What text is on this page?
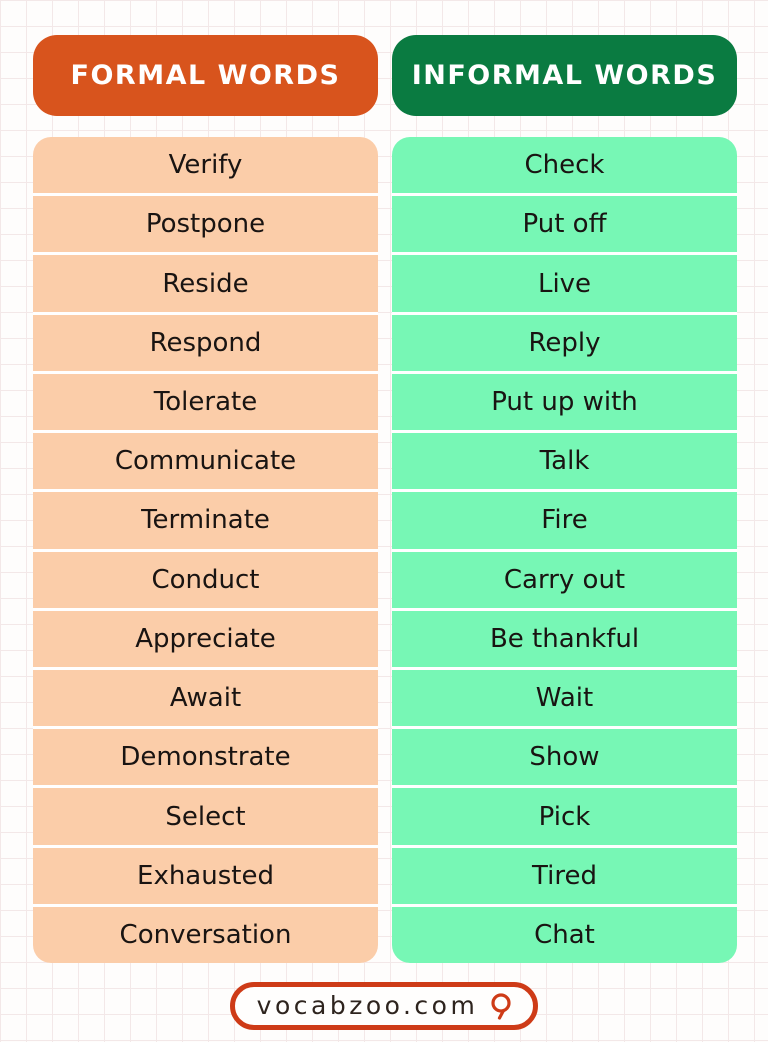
FORMAL WORDS	INFORMAL WORDS
Verify
Postpone
Reside
Respond
Tolerate
Communicate
Terminate
Conduct
Appreciate
Await
Demonstrate
Select
Exhausted
Conversation
Check
Put off
Live
Reply
Put up with
Talk
Fire
Carry out
Be thankful
Wait
Show
Pick
Tired
Chat
vocabzoo.com
